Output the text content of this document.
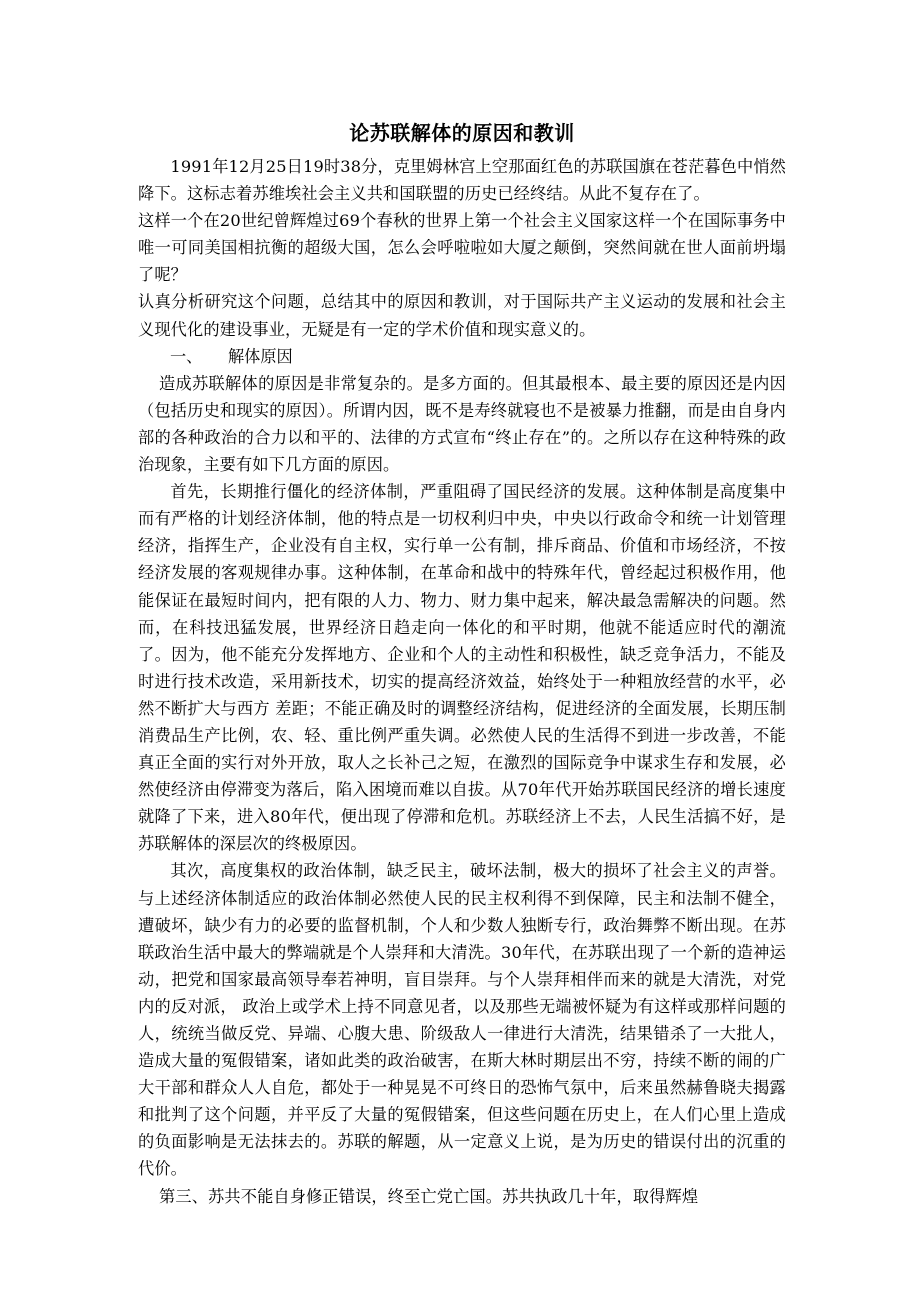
论苏联解体的原因和教训

1991年12月25日19时38分，克里姆林宫上空那面红色的苏联国旗在苍茫暮色中悄然降下。这标志着苏维埃社会主义共和国联盟的历史已经终结。从此不复存在了。

这样一个在20世纪曾辉煌过69个春秋的世界上第一个社会主义国家这样一个在国际事务中唯一可同美国相抗衡的超级大国，怎么会呼啦啦如大厦之颠倒，突然间就在世人面前坍塌了呢？

认真分析研究这个问题，总结其中的原因和教训，对于国际共产主义运动的发展和社会主义现代化的建设事业，无疑是有一定的学术价值和现实意义的。

一、 解体原因

造成苏联解体的原因是非常复杂的。是多方面的。但其最根本、最主要的原因还是内因（包括历史和现实的原因）。所谓内因，既不是寿终就寝也不是被暴力推翻，而是由自身内部的各种政治的合力以和平的、法律的方式宣布“终止存在”的。之所以存在这种特殊的政治现象，主要有如下几方面的原因。

首先，长期推行僵化的经济体制，严重阻碍了国民经济的发展。这种体制是高度集中而有严格的计划经济体制，他的特点是一切权利归中央，中央以行政命令和统一计划管理经济，指挥生产，企业没有自主权，实行单一公有制，排斥商品、价值和市场经济，不按经济发展的客观规律办事。这种体制，在革命和战中的特殊年代，曾经起过积极作用，他能保证在最短时间内，把有限的人力、物力、财力集中起来，解决最急需解决的问题。然而，在科技迅猛发展，世界经济日趋走向一体化的和平时期，他就不能适应时代的潮流了。因为，他不能充分发挥地方、企业和个人的主动性和积极性，缺乏竞争活力，不能及时进行技术改造，采用新技术，切实的提高经济效益，始终处于一种粗放经营的水平，必然不断扩大与西方 差距；不能正确及时的调整经济结构，促进经济的全面发展，长期压制消费品生产比例，农、轻、重比例严重失调。必然使人民的生活得不到进一步改善，不能真正全面的实行对外开放，取人之长补己之短，在激烈的国际竞争中谋求生存和发展，必然使经济由停滞变为落后，陷入困境而难以自拔。从70年代开始苏联国民经济的增长速度就降了下来，进入80年代，便出现了停滞和危机。苏联经济上不去，人民生活搞不好，是苏联解体的深层次的终极原因。

其次，高度集权的政治体制，缺乏民主，破坏法制，极大的损坏了社会主义的声誉。与上述经济体制适应的政治体制必然使人民的民主权利得不到保障，民主和法制不健全，遭破坏，缺少有力的必要的监督机制，个人和少数人独断专行，政治舞弊不断出现。在苏联政治生活中最大的弊端就是个人崇拜和大清洗。30年代，在苏联出现了一个新的造神运动，把党和国家最高领导奉若神明，盲目崇拜。与个人崇拜相伴而来的就是大清洗，对党内的反对派， 政治上或学术上持不同意见者，以及那些无端被怀疑为有这样或那样问题的人，统统当做反党、异端、心腹大患、阶级敌人一律进行大清洗，结果错杀了一大批人，造成大量的冤假错案，诸如此类的政治破害，在斯大林时期层出不穷，持续不断的闹的广大干部和群众人人自危，都处于一种晃晃不可终日的恐怖气氛中，后来虽然赫鲁晓夫揭露和批判了这个问题，并平反了大量的冤假错案，但这些问题在历史上，在人们心里上造成的负面影响是无法抹去的。苏联的解题，从一定意义上说，是为历史的错误付出的沉重的代价。

第三、苏共不能自身修正错误，终至亡党亡国。苏共执政几十年，取得辉煌
